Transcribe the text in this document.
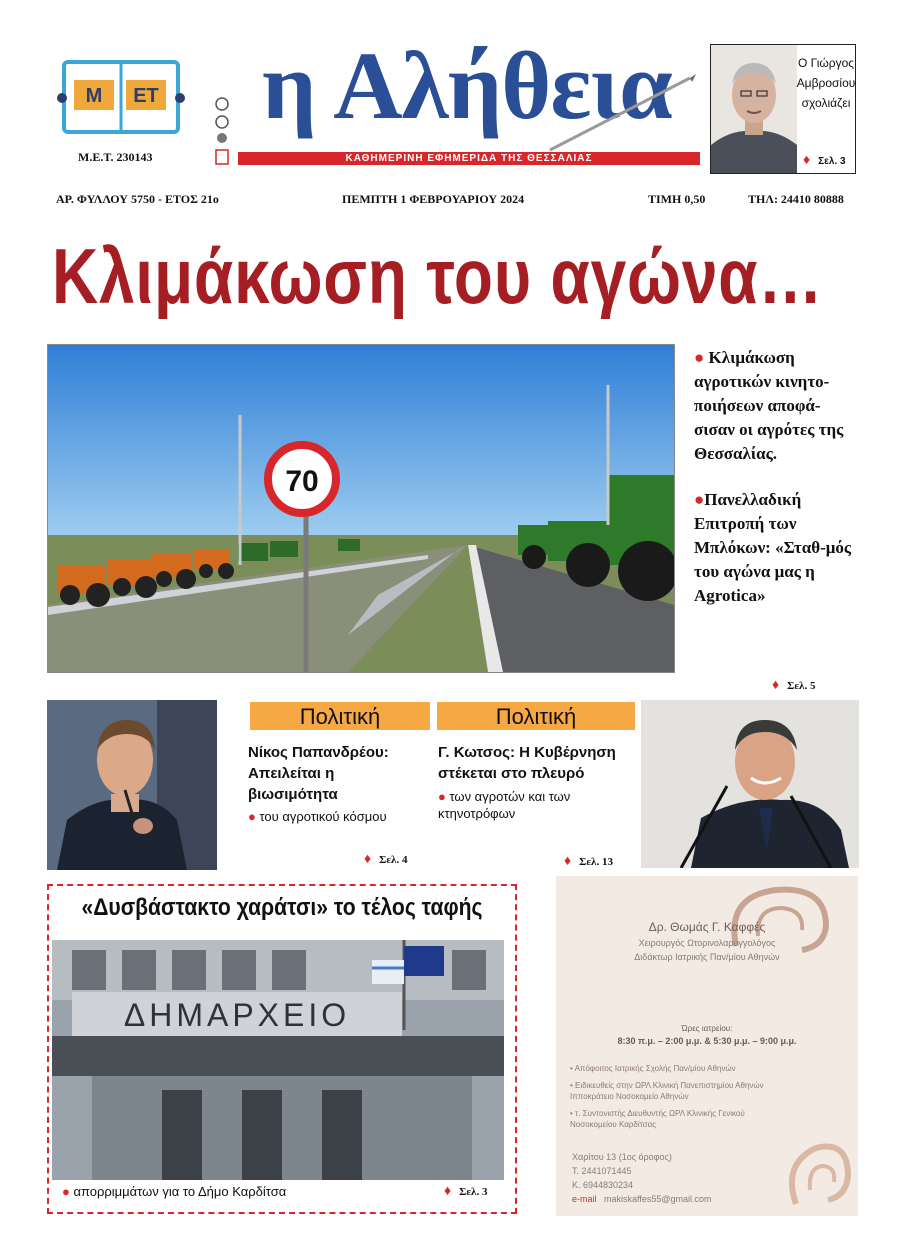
M ET
Μ.Ε.Τ. 230143
η Αλήθεια
ΚΑΘΗΜΕΡΙΝΗ ΕΦΗΜΕΡΙΔΑ ΤΗΣ ΘΕΣΣΑΛΙΑΣ
Ο Γιώργος
Αμβροσίου
σχολιάζει
♦ Σελ. 3
ΑΡ. ΦΥΛΛΟΥ 5750 - ΕΤΟΣ 21ο	ΠΕΜΠΤΗ 1 ΦΕΒΡΟΥΑΡΙΟΥ 2024	ΤΙΜΗ 0,50	ΤΗΛ: 24410 80888
Κλιμάκωση του αγώνα…
70

● Κλιμάκωση αγροτικών κινητο-ποιήσεων αποφά-σισαν οι αγρότες της Θεσσαλίας.

●Πανελλαδική Επιτροπή των Μπλόκων: «Σταθ-μός του αγώνα μας η Agrotica»

♦ Σελ. 5
Πολιτική
Νίκος Παπανδρέου: Απειλείται η βιωσιμότητα
● του αγροτικού κόσμου
♦ Σελ. 4
Πολιτική
Γ. Κωτσος: Η Κυβέρνηση στέκεται στο πλευρό
● των αγροτών και των κτηνοτρόφων
♦ Σελ. 13
«Δυσβάστακτο χαράτσι» το τέλος ταφής
ΔΗΜΑΡΧΕΙΟ
● απορριμμάτων για το Δήμο Καρδίτσα	♦ Σελ. 3
Δρ. Θωμάς Γ. Καφφές
Χειρουργός Ωτορινολαρυγγολόγος
Διδάκτωρ Ιατρικής Παν/μίου Αθηνών
Ώρες ιατρείου:
8:30 π.μ. – 2:00 μ.μ. & 5:30 μ.μ. – 9:00 μ.μ.
• Απόφοιτος Ιατρικής Σχολής Παν/μίου Αθηνών
• Ειδικευθείς στην ΩΡΛ Κλινική Πανεπιστημίου Αθηνών Ιπποκράτειο Νοσοκομείο Αθηνών
• τ. Συντονιστής Διευθυντής ΩΡΛ Κλινικής Γενικού Νοσοκομείου Καρδίτσας
Χαρίτου 13 (1ος όροφος)
Τ. 2441071445
Κ. 6944830234
e-mail makiskaffes55@gmail.com
